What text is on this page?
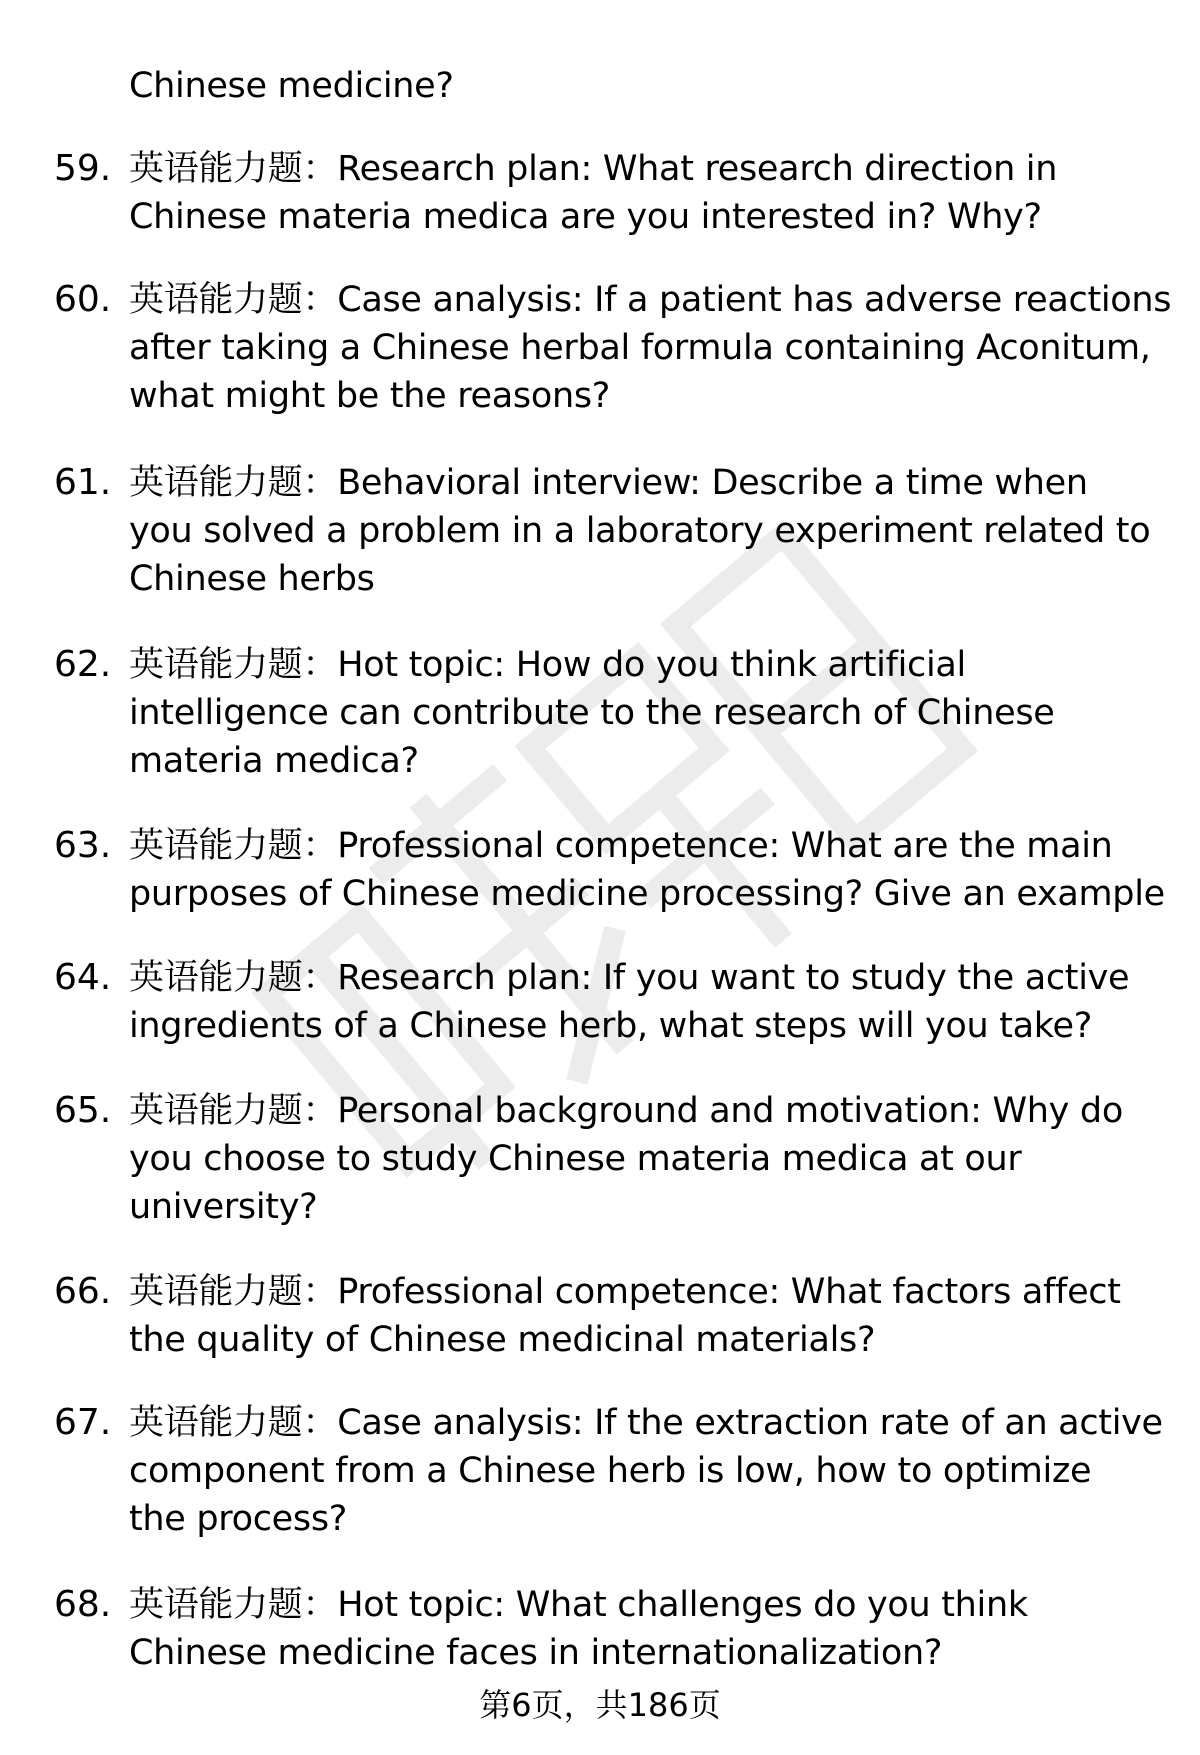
Chinese medicine?
59. 英语能力题：Research plan: What research direction in
Chinese materia medica are you interested in? Why?
60. 英语能力题：Case analysis: If a patient has adverse reactions
after taking a Chinese herbal formula containing Aconitum,
what might be the reasons?
61. 英语能力题：Behavioral interview: Describe a time when
you solved a problem in a laboratory experiment related to
Chinese herbs
62. 英语能力题：Hot topic: How do you think artificial
intelligence can contribute to the research of Chinese
materia medica?
63. 英语能力题：Professional competence: What are the main
purposes of Chinese medicine processing? Give an example
64. 英语能力题：Research plan: If you want to study the active
ingredients of a Chinese herb, what steps will you take?
65. 英语能力题：Personal background and motivation: Why do
you choose to study Chinese materia medica at our
university?
66. 英语能力题：Professional competence: What factors affect
the quality of Chinese medicinal materials?
67. 英语能力题：Case analysis: If the extraction rate of an active
component from a Chinese herb is low, how to optimize
the process?
68. 英语能力题：Hot topic: What challenges do you think
Chinese medicine faces in internationalization?
第6页，共186页
